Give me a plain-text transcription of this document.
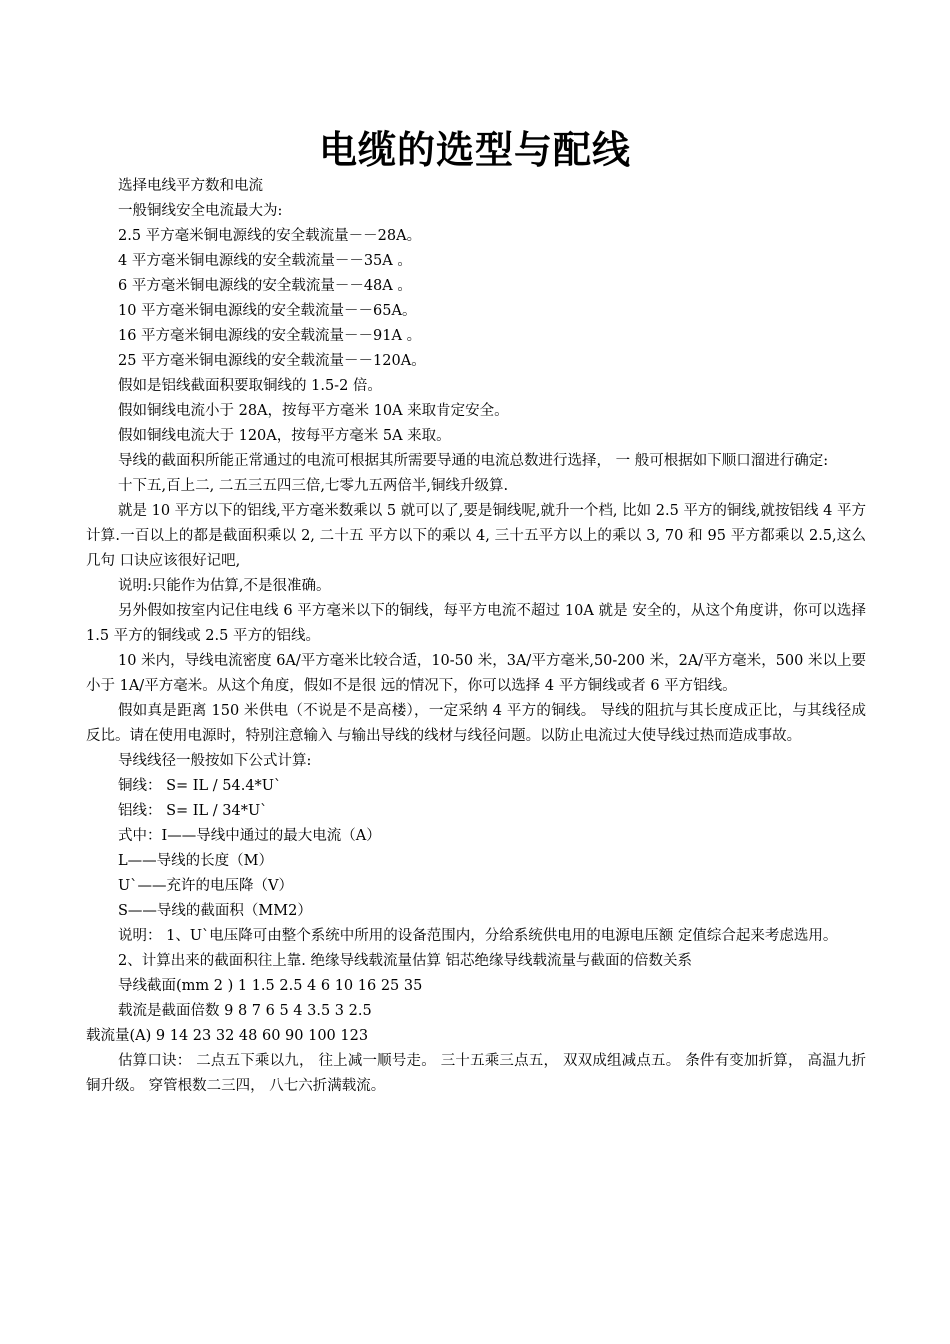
电缆的选型与配线

选择电线平方数和电流

一般铜线安全电流最大为:

2.5 平方毫米铜电源线的安全载流量－－28A。

4 平方毫米铜电源线的安全载流量－－35A 。

6 平方毫米铜电源线的安全载流量－－48A 。

10 平方毫米铜电源线的安全载流量－－65A。

16 平方毫米铜电源线的安全载流量－－91A 。

25 平方毫米铜电源线的安全载流量－－120A。

假如是铝线截面积要取铜线的 1.5-2 倍。

假如铜线电流小于 28A，按每平方毫米 10A 来取肯定安全。

假如铜线电流大于 120A，按每平方毫米 5A 来取。

导线的截面积所能正常通过的电流可根据其所需要导通的电流总数进行选择， 一 般可根据如下顺口溜进行确定:

十下五,百上二, 二五三五四三倍,七零九五两倍半,铜线升级算.

就是 10 平方以下的铝线,平方毫米数乘以 5 就可以了,要是铜线呢,就升一个档, 比如 2.5 平方的铜线,就按铝线 4 平方计算.一百以上的都是截面积乘以 2, 二十五 平方以下的乘以 4, 三十五平方以上的乘以 3, 70 和 95 平方都乘以 2.5,这么几句 口诀应该很好记吧,

说明:只能作为估算,不是很准确。

另外假如按室内记住电线 6 平方毫米以下的铜线，每平方电流不超过 10A 就是 安全的，从这个角度讲，你可以选择 1.5 平方的铜线或 2.5 平方的铝线。

10 米内，导线电流密度 6A/平方毫米比较合适，10-50 米，3A/平方毫米,50-200 米，2A/平方毫米，500 米以上要小于 1A/平方毫米。从这个角度，假如不是很 远的情况下，你可以选择 4 平方铜线或者 6 平方铝线。

假如真是距离 150 米供电（不说是不是高楼），一定采纳 4 平方的铜线。 导线的阻抗与其长度成正比，与其线径成反比。请在使用电源时，特别注意输入 与输出导线的线材与线径问题。以防止电流过大使导线过热而造成事故。

导线线径一般按如下公式计算:

铜线： S= IL / 54.4*U`

铝线： S= IL / 34*U`

式中：I——导线中通过的最大电流（A）

L——导线的长度（M）

U`——充许的电压降（V）

S——导线的截面积（MM2）

说明： 1、U`电压降可由整个系统中所用的设备范围内，分给系统供电用的电源电压额 定值综合起来考虑选用。

2、计算出来的截面积往上靠. 绝缘导线载流量估算 铝芯绝缘导线载流量与截面的倍数关系

导线截面(mm 2 ) 1 1.5 2.5 4 6 10 16 25 35

载流是截面倍数 9 8 7 6 5 4 3.5 3 2.5

载流量(A) 9 14 23 32 48 60 90 100 123

估算口诀： 二点五下乘以九， 往上减一顺号走。 三十五乘三点五， 双双成组减点五。 条件有变加折算， 高温九折铜升级。 穿管根数二三四， 八七六折满载流。
